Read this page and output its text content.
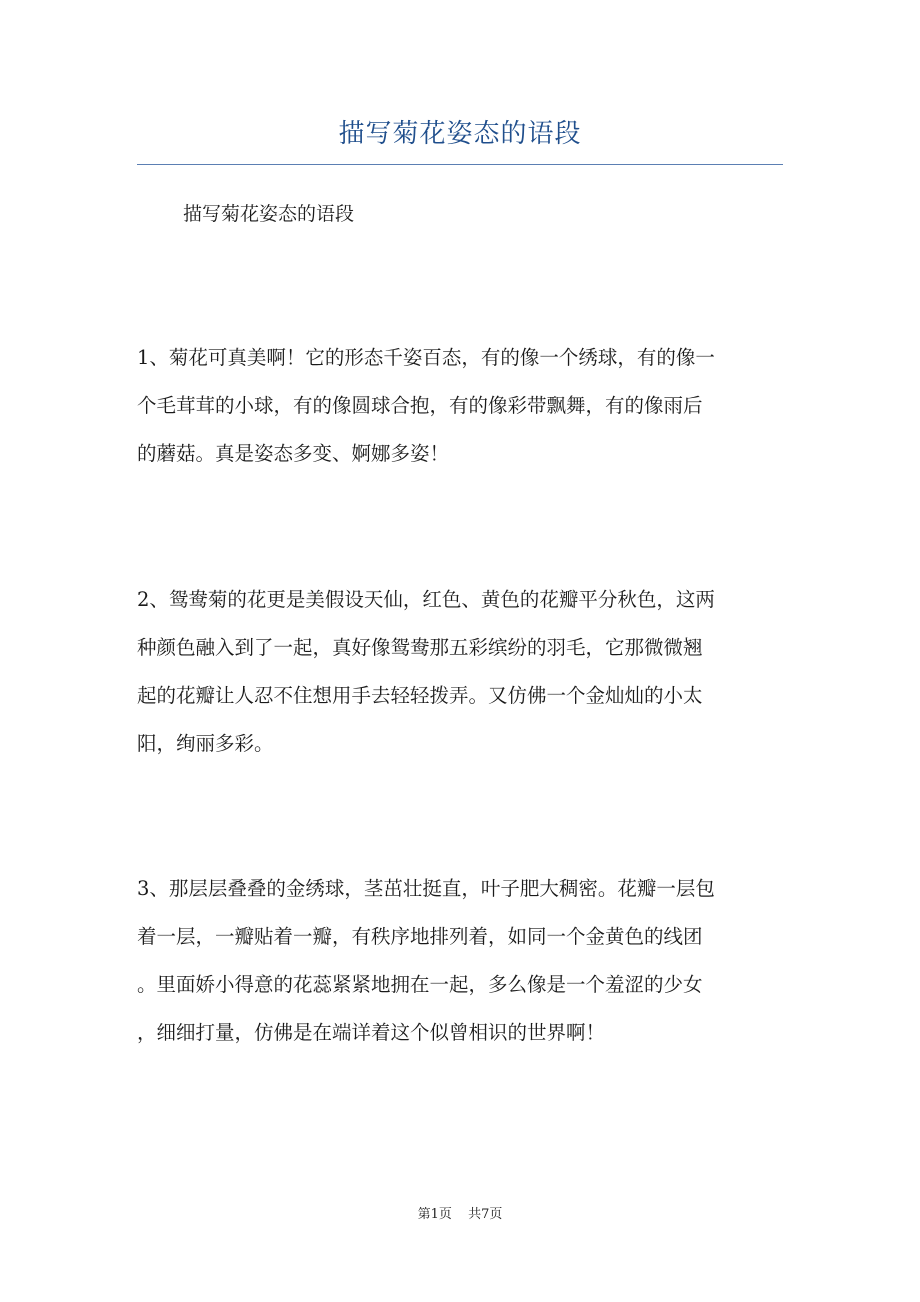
描写菊花姿态的语段
描写菊花姿态的语段
1、菊花可真美啊！它的形态千姿百态，有的像一个绣球，有的像一
个毛茸茸的小球，有的像圆球合抱，有的像彩带飘舞，有的像雨后
的蘑菇。真是姿态多变、婀娜多姿！
2、鸳鸯菊的花更是美假设天仙，红色、黄色的花瓣平分秋色，这两
种颜色融入到了一起，真好像鸳鸯那五彩缤纷的羽毛，它那微微翘
起的花瓣让人忍不住想用手去轻轻拨弄。又仿佛一个金灿灿的小太
阳，绚丽多彩。
3、那层层叠叠的金绣球，茎茁壮挺直，叶子肥大稠密。花瓣一层包
着一层，一瓣贴着一瓣，有秩序地排列着，如同一个金黄色的线团
。里面娇小得意的花蕊紧紧地拥在一起，多么像是一个羞涩的少女
，细细打量，仿佛是在端详着这个似曾相识的世界啊！
第1页 共7页
